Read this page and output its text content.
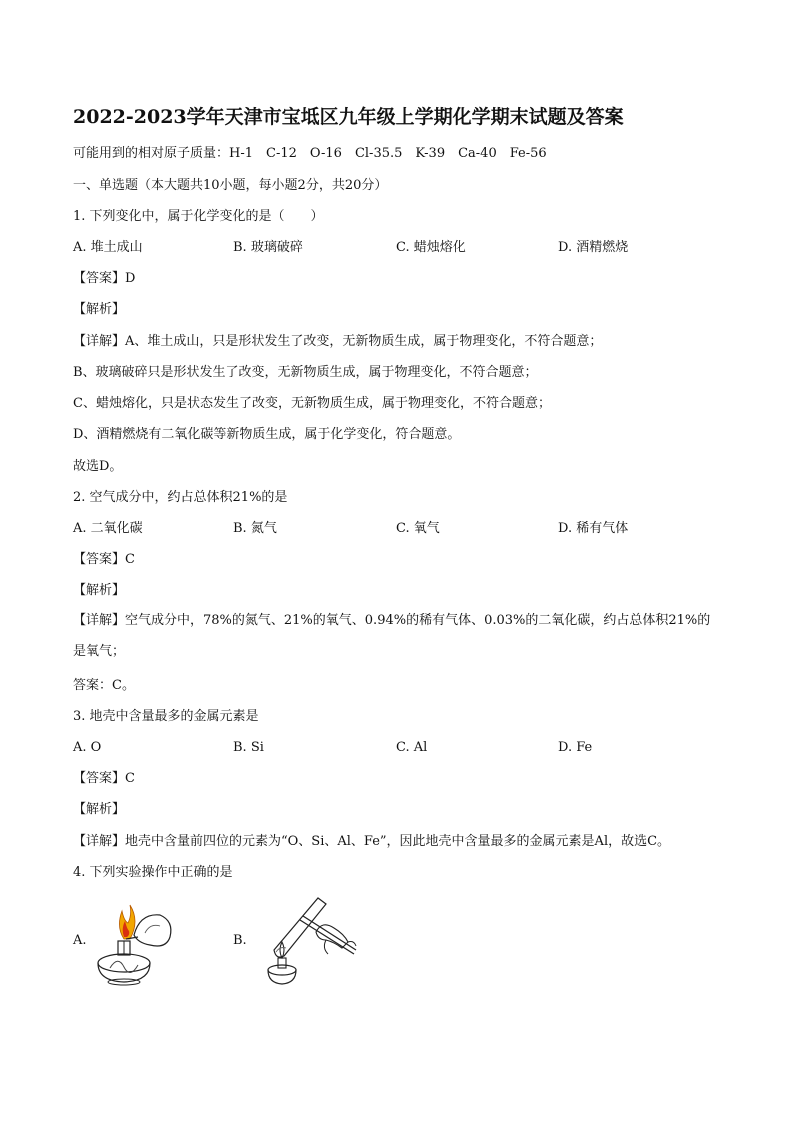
2022-2023学年天津市宝坻区九年级上学期化学期末试题及答案
可能用到的相对原子质量：H-1　C-12　O-16　Cl-35.5　K-39　Ca-40　Fe-56
一、单选题（本大题共10小题，每小题2分，共20分）
1. 下列变化中，属于化学变化的是（　　）
A. 堆土成山	B. 玻璃破碎	C. 蜡烛熔化	D. 酒精燃烧
【答案】D
【解析】
【详解】A、堆土成山，只是形状发生了改变，无新物质生成，属于物理变化，不符合题意；
B、玻璃破碎只是形状发生了改变，无新物质生成，属于物理变化，不符合题意；
C、蜡烛熔化，只是状态发生了改变，无新物质生成，属于物理变化，不符合题意；
D、酒精燃烧有二氧化碳等新物质生成，属于化学变化，符合题意。
故选D。
2. 空气成分中，约占总体积21%的是
A. 二氧化碳	B. 氮气	C. 氧气	D. 稀有气体
【答案】C
【解析】
【详解】空气成分中，78%的氮气、21%的氧气、0.94%的稀有气体、0.03%的二氧化碳，约占总体积21%的是氧气；
答案：C。
3. 地壳中含量最多的金属元素是
A. O	B. Si	C. Al	D. Fe
【答案】C
【解析】
【详解】地壳中含量前四位的元素为“O、Si、Al、Fe”，因此地壳中含量最多的金属元素是Al，故选C。
4. 下列实验操作中正确的是
A.	B.
